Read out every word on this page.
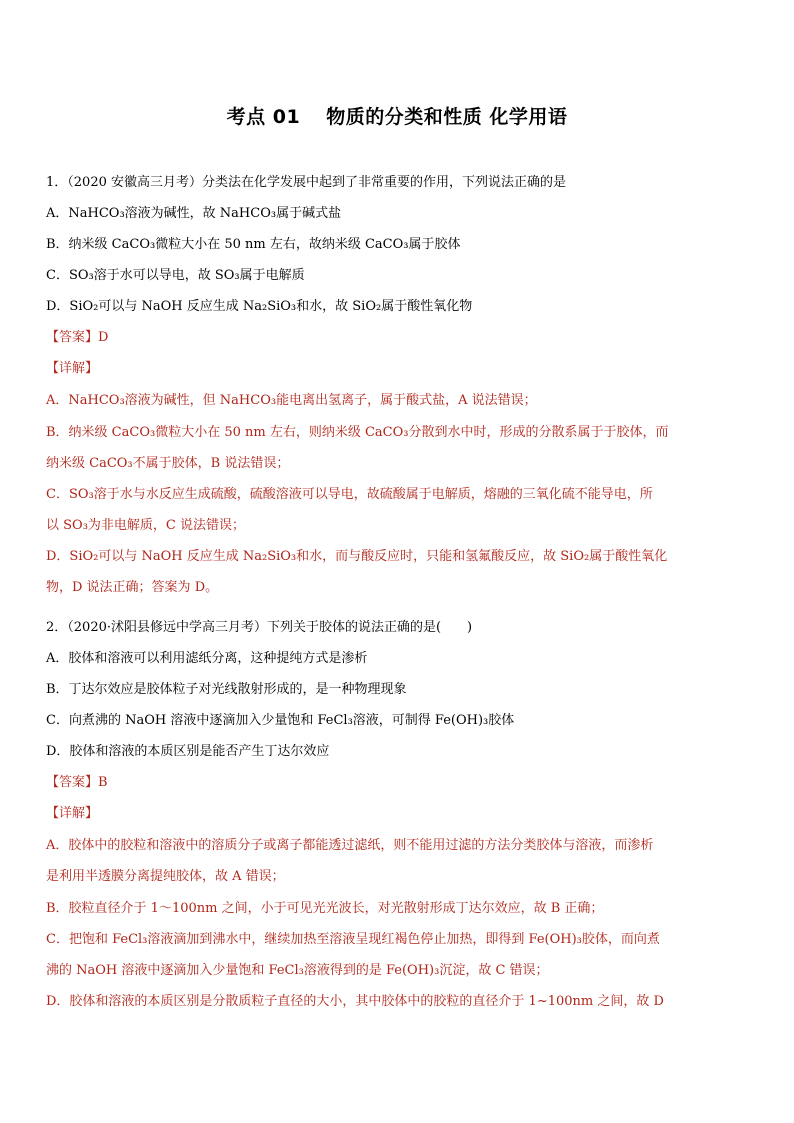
考点 01 物质的分类和性质 化学用语
1．（2020 安徽高三月考）分类法在化学发展中起到了非常重要的作用，下列说法正确的是
A．NaHCO₃溶液为碱性，故 NaHCO₃属于碱式盐
B．纳米级 CaCO₃微粒大小在 50 nm 左右，故纳米级 CaCO₃属于胶体
C．SO₃溶于水可以导电，故 SO₃属于电解质
D．SiO₂可以与 NaOH 反应生成 Na₂SiO₃和水，故 SiO₂属于酸性氧化物
【答案】D
【详解】
A．NaHCO₃溶液为碱性，但 NaHCO₃能电离出氢离子，属于酸式盐，A 说法错误；
B．纳米级 CaCO₃微粒大小在 50 nm 左右，则纳米级 CaCO₃分散到水中时，形成的分散系属于于胶体，而
纳米级 CaCO₃不属于胶体，B 说法错误；
C．SO₃溶于水与水反应生成硫酸，硫酸溶液可以导电，故硫酸属于电解质，熔融的三氧化硫不能导电，所
以 SO₃为非电解质，C 说法错误；
D．SiO₂可以与 NaOH 反应生成 Na₂SiO₃和水，而与酸反应时，只能和氢氟酸反应，故 SiO₂属于酸性氧化
物，D 说法正确；答案为 D。
2．（2020·沭阳县修远中学高三月考）下列关于胶体的说法正确的是(　　)
A．胶体和溶液可以利用滤纸分离，这种提纯方式是渗析
B．丁达尔效应是胶体粒子对光线散射形成的，是一种物理现象
C．向煮沸的 NaOH 溶液中逐滴加入少量饱和 FeCl₃溶液，可制得 Fe(OH)₃胶体
D．胶体和溶液的本质区别是能否产生丁达尔效应
【答案】B
【详解】
A．胶体中的胶粒和溶液中的溶质分子或离子都能透过滤纸，则不能用过滤的方法分类胶体与溶液，而渗析
是利用半透膜分离提纯胶体，故 A 错误；
B．胶粒直径介于 1～100nm 之间，小于可见光光波长，对光散射形成丁达尔效应，故 B 正确；
C．把饱和 FeCl₃溶液滴加到沸水中，继续加热至溶液呈现红褐色停止加热，即得到 Fe(OH)₃胶体，而向煮
沸的 NaOH 溶液中逐滴加入少量饱和 FeCl₃溶液得到的是 Fe(OH)₃沉淀，故 C 错误；
D．胶体和溶液的本质区别是分散质粒子直径的大小，其中胶体中的胶粒的直径介于 1~100nm 之间，故 D
